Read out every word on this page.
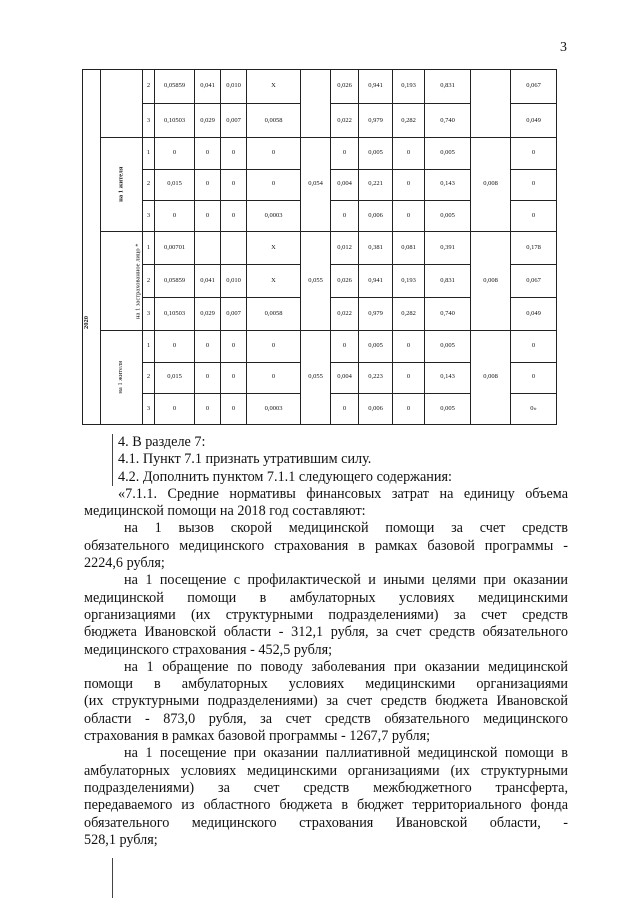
3
		2	0,05859	0,041	0,010	Х		0,026	0,941	0,193	0,831		0,067
		3	0,10503	0,029	0,007	0,0058		0,022	0,979	0,282	0,740		0,049
	на 1 жителя	1	0	0	0	0	0,054	0	0,005	0	0,005	0,008	0
		2	0,015	0	0	0		0,004	0,221	0	0,143		0
		3	0	0	0	0,0003		0	0,006	0	0,005		0
	на 1 застрахованное лицо *	1	0,00701			Х	0,055	0,012	0,381	0,081	0,391	0,008	0,178
		2	0,05859	0,041	0,010	Х		0,026	0,941	0,193	0,831		0,067
		3	0,10503	0,029	0,007	0,0058		0,022	0,979	0,282	0,740		0,049
	на 1 жителя	1	0	0	0	0	0,055	0	0,005	0	0,005	0,008	0
		2	0,015	0	0	0		0,004	0,223	0	0,143		0
		3	0	0	0	0,0003		0	0,006	0	0,005		0»
2020
4. В разделе 7:
4.1. Пункт 7.1 признать утратившим силу.
4.2. Дополнить пунктом 7.1.1 следующего содержания:
«7.1.1. Средние нормативы финансовых затрат на единицу объема
медицинской помощи на 2018 год составляют:
на 1 вызов скорой медицинской помощи за счет средств
обязательного медицинского страхования в рамках базовой программы -
2224,6 рубля;
на 1 посещение с профилактической и иными целями при оказании
медицинской помощи в амбулаторных условиях медицинскими
организациями (их структурными подразделениями) за счет средств
бюджета Ивановской области - 312,1 рубля, за счет средств обязательного
медицинского страхования - 452,5 рубля;
на 1 обращение по поводу заболевания при оказании медицинской
помощи в амбулаторных условиях медицинскими организациями
(их структурными подразделениями) за счет средств бюджета Ивановской
области - 873,0 рубля, за счет средств обязательного медицинского
страхования в рамках базовой программы - 1267,7 рубля;
на 1 посещение при оказании паллиативной медицинской помощи в
амбулаторных условиях медицинскими организациями (их структурными
подразделениями) за счет средств межбюджетного трансферта,
передаваемого из областного бюджета в бюджет территориального фонда
обязательного медицинского страхования Ивановской области, -
528,1 рубля;
